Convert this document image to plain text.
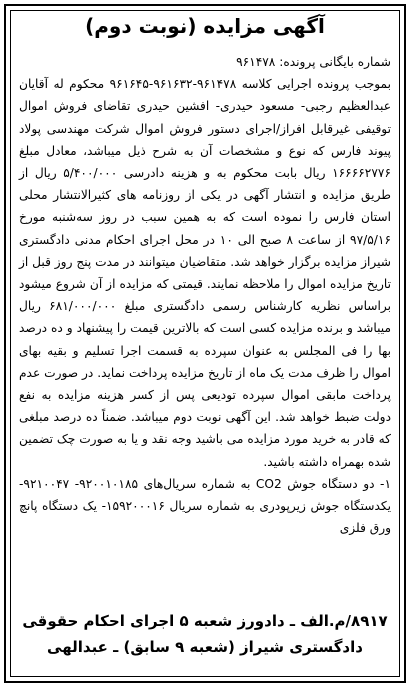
آگهی مزایده (نوبت دوم)

شماره بایگانی پرونده: ۹۶۱۴۷۸

بموجب پرونده اجرایی کلاسه ۹۶۱۴۷۸-۹۶۱۶۳۲-۹۶۱۶۴۵ محکوم له آقایان عبدالعظیم رجبی- مسعود حیدری- افشین حیدری تقاضای فروش اموال توقیفی غیرقابل افراز/اجرای دستور فروش اموال شرکت مهندسی پولاد پیوند فارس که نوع و مشخصات آن به شرح ذیل میباشد، معادل مبلغ ۱۶۶۶۶۲۷۷۶ ریال بابت محکوم به و هزینه دادرسی ۵/۴۰۰/۰۰۰ ریال از طریق مزایده و انتشار آگهی در یکی از روزنامه های کثیرالانتشار محلی استان فارس را نموده است که به همین سبب در روز سه‌شنبه مورخ ۹۷/۵/۱۶ از ساعت ۸ صبح الی ۱۰ در محل اجرای احکام مدنی دادگستری شیراز مزایده برگزار خواهد شد. متقاضیان میتوانند در مدت پنج روز قبل از تاریخ مزایده اموال را ملاحظه نمایند. قیمتی که مزایده از آن شروع میشود براساس نظریه کارشناس رسمی دادگستری مبلغ ۶۸۱/۰۰۰/۰۰۰ ریال میباشد و برنده مزایده کسی است که بالاترین قیمت را پیشنهاد و ده درصد بها را فی المجلس به عنوان سپرده به قسمت اجرا تسلیم و بقیه بهای اموال را ظرف مدت یک ماه از تاریخ مزایده پرداخت نماید. در صورت عدم پرداخت مابقی اموال سپرده تودیعی پس از کسر هزینه مزایده به نفع دولت ضبط خواهد شد. این آگهی نوبت دوم میباشد. ضمناً ده درصد مبلغی که قادر به خرید مورد مزایده می باشید وجه نقد و یا به صورت چک تضمین شده بهمراه داشته باشید.

۱- دو دستگاه جوش CO2 به شماره سریال‌های ۹۲۰۰۱۰۱۸۵- ۹۲۱۰۰۴۷- یکدستگاه جوش زیرپودری به شماره سریال ۱۵۹۲۰۰۰۱۶- یک دستگاه پانچ ورق فلزی

۸۹۱۷/م.الف ـ دادورز شعبه ۵ اجرای احکام حقوقی
دادگستری شیراز (شعبه ۹ سابق) ـ عبدالهی
